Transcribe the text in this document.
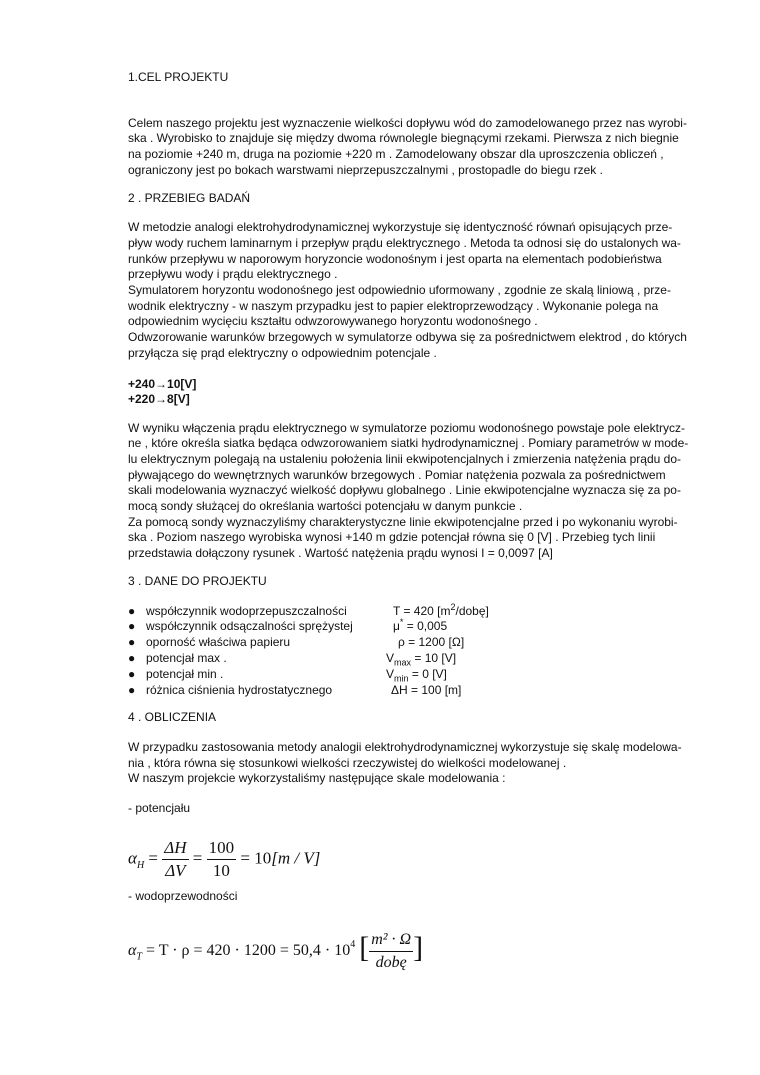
1.CEL PROJEKTU

Celem naszego projektu jest wyznaczenie wielkości dopływu wód do zamodelowanego przez nas wyrobi-

ska . Wyrobisko to znajduje się między dwoma równolegle biegnącymi rzekami. Pierwsza z nich biegnie

na poziomie +240 m, druga na poziomie +220 m . Zamodelowany obszar dla uproszczenia obliczeń ,

ograniczony jest po bokach warstwami nieprzepuszczalnymi , prostopadle do biegu rzek .

2 . PRZEBIEG BADAŃ

W metodzie analogi elektrohydrodynamicznej wykorzystuje się identyczność równań opisujących prze-

pływ wody ruchem laminarnym i przepływ prądu elektrycznego . Metoda ta odnosi się do ustalonych wa-

runków przepływu w naporowym horyzoncie wodonośnym i jest oparta na elementach podobieństwa

przepływu wody i prądu elektrycznego .

Symulatorem horyzontu wodonośnego jest odpowiednio uformowany , zgodnie ze skalą liniową , prze-

wodnik elektryczny - w naszym przypadku jest to papier elektroprzewodzący . Wykonanie polega na

odpowiednim wycięciu kształtu odwzorowywanego horyzontu wodonośnego .

Odwzorowanie warunków brzegowych w symulatorze odbywa się za pośrednictwem elektrod , do których

przyłącza się prąd elektryczny o odpowiednim potencjale .

+240→10[V]

+220→8[V]

W wyniku włączenia prądu elektrycznego w symulatorze poziomu wodonośnego powstaje pole elektrycz-

ne , które określa siatka będąca odwzorowaniem siatki hydrodynamicznej . Pomiary parametrów w mode-

lu elektrycznym polegają na ustaleniu położenia linii ekwipotencjalnych i zmierzenia natężenia prądu do-

pływającego do wewnętrznych warunków brzegowych . Pomiar natężenia pozwala za pośrednictwem

skali modelowania wyznaczyć wielkość dopływu globalnego . Linie ekwipotencjalne wyznacza się za po-

mocą sondy służącej do określania wartości potencjału w danym punkcie .

Za pomocą sondy wyznaczyliśmy charakterystyczne linie ekwipotencjalne przed i po wykonaniu wyrobi-

ska . Poziom naszego wyrobiska wynosi +140 m gdzie potencjał równa się 0 [V] . Przebieg tych linii

przedstawia dołączony rysunek . Wartość natężenia prądu wynosi I = 0,0097 [A]

3 . DANE DO PROJEKTU
● współczynnik wodoprzepuszczalności	T = 420 $[m^2/dobę]$
● współczynnik odsączalności sprężystej	μ* = 0,005
● oporność właściwa papieru	ρ = 1200 [Ω]
● potencjał max .	$V_{max} = 10$ [V]
● potencjał min .	$V_{min} = 0$ [V]
● różnica ciśnienia hydrostatycznego	ΔH = 100 [m]
4 . OBLICZENIA

W przypadku zastosowania metody analogii elektrohydrodynamicznej wykorzystuje się skalę modelowa-

nia , która równa się stosunkowi wielkości rzeczywistej do wielkości modelowanej .

W naszym projekcie wykorzystaliśmy następujące skale modelowania :

- potencjału

$\alpha_H = \frac{\Delta H}{\Delta V} = \frac{100}{10} = 10[m / V]$

- wodoprzewodności

$\alpha_T = T \cdot \rho = 420 \cdot 1200 = 50,4 \cdot 10^4$ [ $\frac{\text{m² · Ω}}{\text{dobę}}$ ]
